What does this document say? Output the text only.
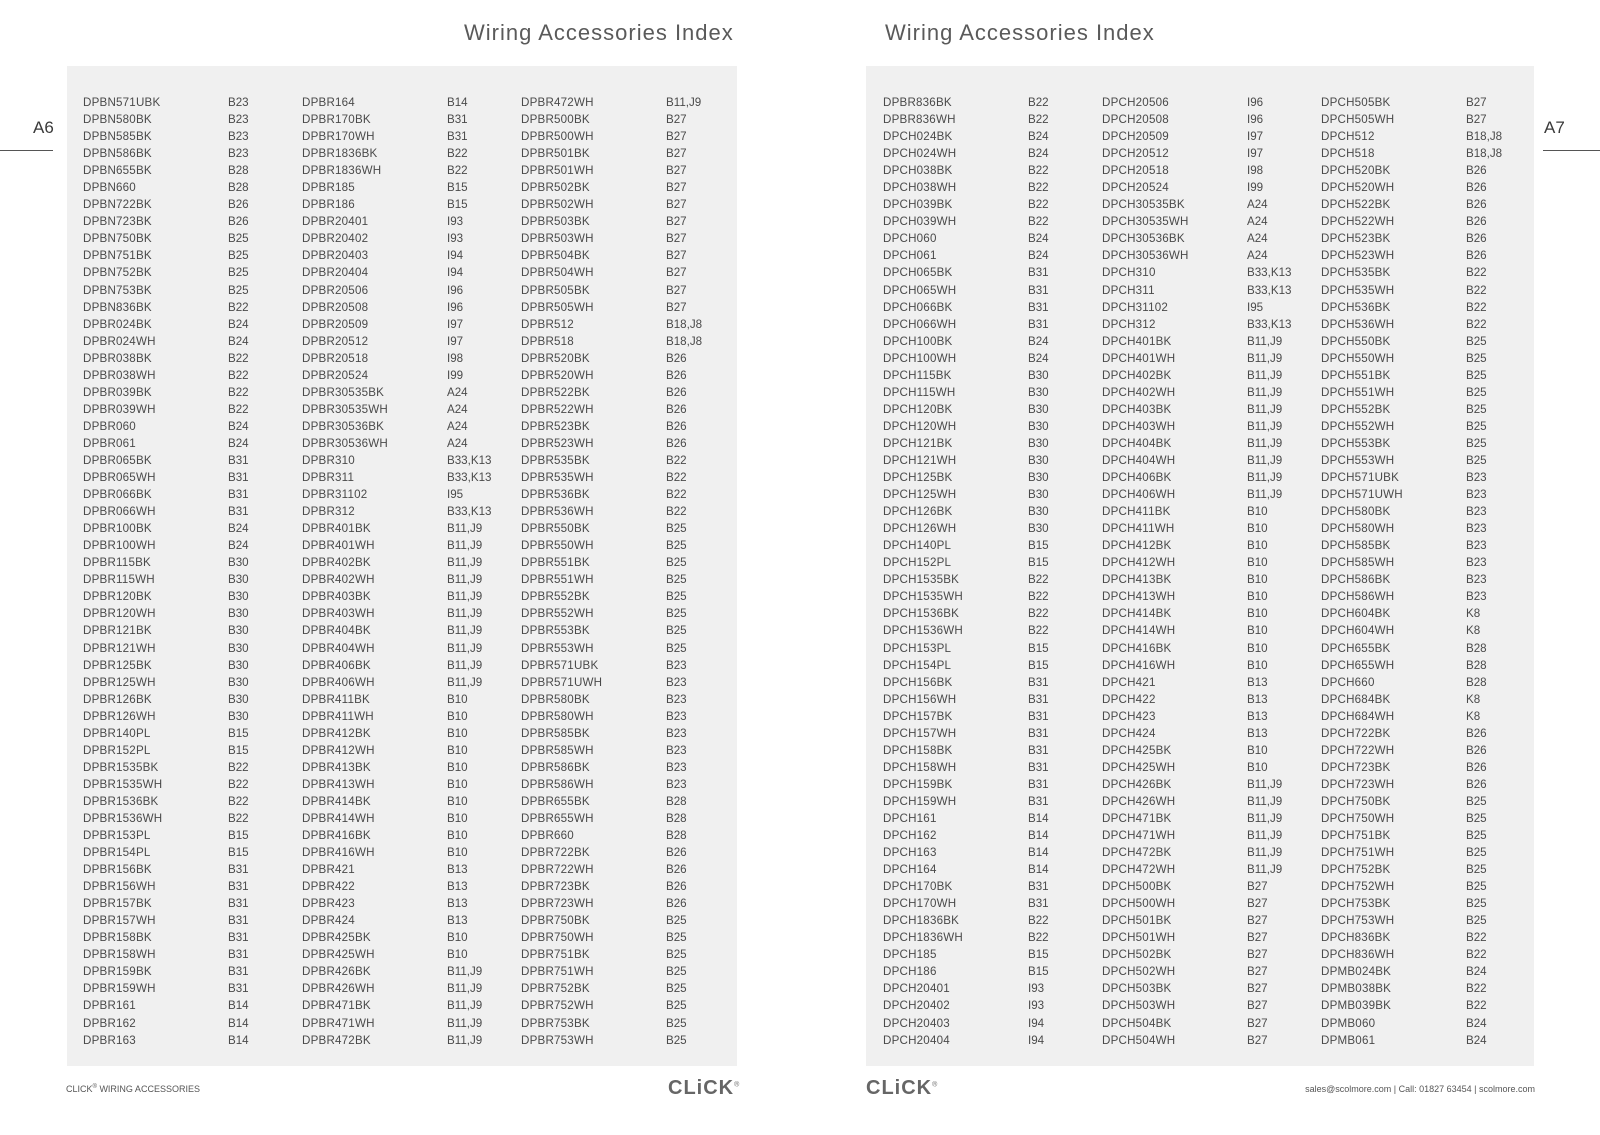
Wiring Accessories Index	Wiring Accessories Index
A6	A7
DPBN571UBK	B23
DPBN580BK	B23
DPBN585BK	B23
DPBN586BK	B23
DPBN655BK	B28
DPBN660	B28
DPBN722BK	B26
DPBN723BK	B26
DPBN750BK	B25
DPBN751BK	B25
DPBN752BK	B25
DPBN753BK	B25
DPBN836BK	B22
DPBR024BK	B24
DPBR024WH	B24
DPBR038BK	B22
DPBR038WH	B22
DPBR039BK	B22
DPBR039WH	B22
DPBR060	B24
DPBR061	B24
DPBR065BK	B31
DPBR065WH	B31
DPBR066BK	B31
DPBR066WH	B31
DPBR100BK	B24
DPBR100WH	B24
DPBR115BK	B30
DPBR115WH	B30
DPBR120BK	B30
DPBR120WH	B30
DPBR121BK	B30
DPBR121WH	B30
DPBR125BK	B30
DPBR125WH	B30
DPBR126BK	B30
DPBR126WH	B30
DPBR140PL	B15
DPBR152PL	B15
DPBR1535BK	B22
DPBR1535WH	B22
DPBR1536BK	B22
DPBR1536WH	B22
DPBR153PL	B15
DPBR154PL	B15
DPBR156BK	B31
DPBR156WH	B31
DPBR157BK	B31
DPBR157WH	B31
DPBR158BK	B31
DPBR158WH	B31
DPBR159BK	B31
DPBR159WH	B31
DPBR161	B14
DPBR162	B14
DPBR163	B14
DPBR164	B14
DPBR170BK	B31
DPBR170WH	B31
DPBR1836BK	B22
DPBR1836WH	B22
DPBR185	B15
DPBR186	B15
DPBR20401	I93
DPBR20402	I93
DPBR20403	I94
DPBR20404	I94
DPBR20506	I96
DPBR20508	I96
DPBR20509	I97
DPBR20512	I97
DPBR20518	I98
DPBR20524	I99
DPBR30535BK	A24
DPBR30535WH	A24
DPBR30536BK	A24
DPBR30536WH	A24
DPBR310	B33,K13
DPBR311	B33,K13
DPBR31102	I95
DPBR312	B33,K13
DPBR401BK	B11,J9
DPBR401WH	B11,J9
DPBR402BK	B11,J9
DPBR402WH	B11,J9
DPBR403BK	B11,J9
DPBR403WH	B11,J9
DPBR404BK	B11,J9
DPBR404WH	B11,J9
DPBR406BK	B11,J9
DPBR406WH	B11,J9
DPBR411BK	B10
DPBR411WH	B10
DPBR412BK	B10
DPBR412WH	B10
DPBR413BK	B10
DPBR413WH	B10
DPBR414BK	B10
DPBR414WH	B10
DPBR416BK	B10
DPBR416WH	B10
DPBR421	B13
DPBR422	B13
DPBR423	B13
DPBR424	B13
DPBR425BK	B10
DPBR425WH	B10
DPBR426BK	B11,J9
DPBR426WH	B11,J9
DPBR471BK	B11,J9
DPBR471WH	B11,J9
DPBR472BK	B11,J9
DPBR472WH	B11,J9
DPBR500BK	B27
DPBR500WH	B27
DPBR501BK	B27
DPBR501WH	B27
DPBR502BK	B27
DPBR502WH	B27
DPBR503BK	B27
DPBR503WH	B27
DPBR504BK	B27
DPBR504WH	B27
DPBR505BK	B27
DPBR505WH	B27
DPBR512	B18,J8
DPBR518	B18,J8
DPBR520BK	B26
DPBR520WH	B26
DPBR522BK	B26
DPBR522WH	B26
DPBR523BK	B26
DPBR523WH	B26
DPBR535BK	B22
DPBR535WH	B22
DPBR536BK	B22
DPBR536WH	B22
DPBR550BK	B25
DPBR550WH	B25
DPBR551BK	B25
DPBR551WH	B25
DPBR552BK	B25
DPBR552WH	B25
DPBR553BK	B25
DPBR553WH	B25
DPBR571UBK	B23
DPBR571UWH	B23
DPBR580BK	B23
DPBR580WH	B23
DPBR585BK	B23
DPBR585WH	B23
DPBR586BK	B23
DPBR586WH	B23
DPBR655BK	B28
DPBR655WH	B28
DPBR660	B28
DPBR722BK	B26
DPBR722WH	B26
DPBR723BK	B26
DPBR723WH	B26
DPBR750BK	B25
DPBR750WH	B25
DPBR751BK	B25
DPBR751WH	B25
DPBR752BK	B25
DPBR752WH	B25
DPBR753BK	B25
DPBR753WH	B25
DPBR836BK	B22
DPBR836WH	B22
DPCH024BK	B24
DPCH024WH	B24
DPCH038BK	B22
DPCH038WH	B22
DPCH039BK	B22
DPCH039WH	B22
DPCH060	B24
DPCH061	B24
DPCH065BK	B31
DPCH065WH	B31
DPCH066BK	B31
DPCH066WH	B31
DPCH100BK	B24
DPCH100WH	B24
DPCH115BK	B30
DPCH115WH	B30
DPCH120BK	B30
DPCH120WH	B30
DPCH121BK	B30
DPCH121WH	B30
DPCH125BK	B30
DPCH125WH	B30
DPCH126BK	B30
DPCH126WH	B30
DPCH140PL	B15
DPCH152PL	B15
DPCH1535BK	B22
DPCH1535WH	B22
DPCH1536BK	B22
DPCH1536WH	B22
DPCH153PL	B15
DPCH154PL	B15
DPCH156BK	B31
DPCH156WH	B31
DPCH157BK	B31
DPCH157WH	B31
DPCH158BK	B31
DPCH158WH	B31
DPCH159BK	B31
DPCH159WH	B31
DPCH161	B14
DPCH162	B14
DPCH163	B14
DPCH164	B14
DPCH170BK	B31
DPCH170WH	B31
DPCH1836BK	B22
DPCH1836WH	B22
DPCH185	B15
DPCH186	B15
DPCH20401	I93
DPCH20402	I93
DPCH20403	I94
DPCH20404	I94
DPCH20506	I96
DPCH20508	I96
DPCH20509	I97
DPCH20512	I97
DPCH20518	I98
DPCH20524	I99
DPCH30535BK	A24
DPCH30535WH	A24
DPCH30536BK	A24
DPCH30536WH	A24
DPCH310	B33,K13
DPCH311	B33,K13
DPCH31102	I95
DPCH312	B33,K13
DPCH401BK	B11,J9
DPCH401WH	B11,J9
DPCH402BK	B11,J9
DPCH402WH	B11,J9
DPCH403BK	B11,J9
DPCH403WH	B11,J9
DPCH404BK	B11,J9
DPCH404WH	B11,J9
DPCH406BK	B11,J9
DPCH406WH	B11,J9
DPCH411BK	B10
DPCH411WH	B10
DPCH412BK	B10
DPCH412WH	B10
DPCH413BK	B10
DPCH413WH	B10
DPCH414BK	B10
DPCH414WH	B10
DPCH416BK	B10
DPCH416WH	B10
DPCH421	B13
DPCH422	B13
DPCH423	B13
DPCH424	B13
DPCH425BK	B10
DPCH425WH	B10
DPCH426BK	B11,J9
DPCH426WH	B11,J9
DPCH471BK	B11,J9
DPCH471WH	B11,J9
DPCH472BK	B11,J9
DPCH472WH	B11,J9
DPCH500BK	B27
DPCH500WH	B27
DPCH501BK	B27
DPCH501WH	B27
DPCH502BK	B27
DPCH502WH	B27
DPCH503BK	B27
DPCH503WH	B27
DPCH504BK	B27
DPCH504WH	B27
DPCH505BK	B27
DPCH505WH	B27
DPCH512	B18,J8
DPCH518	B18,J8
DPCH520BK	B26
DPCH520WH	B26
DPCH522BK	B26
DPCH522WH	B26
DPCH523BK	B26
DPCH523WH	B26
DPCH535BK	B22
DPCH535WH	B22
DPCH536BK	B22
DPCH536WH	B22
DPCH550BK	B25
DPCH550WH	B25
DPCH551BK	B25
DPCH551WH	B25
DPCH552BK	B25
DPCH552WH	B25
DPCH553BK	B25
DPCH553WH	B25
DPCH571UBK	B23
DPCH571UWH	B23
DPCH580BK	B23
DPCH580WH	B23
DPCH585BK	B23
DPCH585WH	B23
DPCH586BK	B23
DPCH586WH	B23
DPCH604BK	K8
DPCH604WH	K8
DPCH655BK	B28
DPCH655WH	B28
DPCH660	B28
DPCH684BK	K8
DPCH684WH	K8
DPCH722BK	B26
DPCH722WH	B26
DPCH723BK	B26
DPCH723WH	B26
DPCH750BK	B25
DPCH750WH	B25
DPCH751BK	B25
DPCH751WH	B25
DPCH752BK	B25
DPCH752WH	B25
DPCH753BK	B25
DPCH753WH	B25
DPCH836BK	B22
DPCH836WH	B22
DPMB024BK	B24
DPMB038BK	B22
DPMB039BK	B22
DPMB060	B24
DPMB061	B24
CLICK® WIRING ACCESSORIES	CLiCK®	CLiCK®	sales@scolmore.com | Call: 01827 63454 | scolmore.com
